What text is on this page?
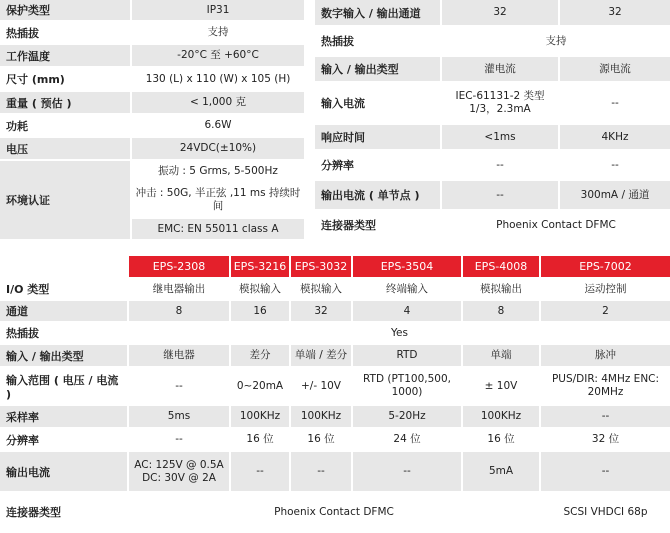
保护类型	IP31
热插拔	支持
工作温度	-20°C 至 +60°C
尺寸 (mm)	130 (L) x 110 (W) x 105 (H)
重量 ( 预估 )	< 1,000 克
功耗	6.6W
电压	24VDC(±10%)
环境认证	振动 : 5 Grms, 5-500Hz
	冲击 : 50G, 半正弦 ,11 ms 持续时间
	EMC: EN 55011 class A
数字输入 / 输出通道	32	32
热插拔	支持	
输入 / 输出类型	灌电流	源电流
输入电流	IEC-61131-2 类型 1/3，2.3mA	--
响应时间	<1ms	4KHz
分辨率	--	--
输出电流 ( 单节点 )	--	300mA / 通道
连接器类型	Phoenix Contact DFMC	
	EPS-2308	EPS-3216	EPS-3032	EPS-3504	EPS-4008	EPS-7002
I/O 类型	继电器输出	模拟输入	模拟输入	终端输入	模拟输出	运动控制
通道	8	16	32	4	8	2
热插拔	Yes					
输入 / 输出类型	继电器	差分	单端 / 差分	RTD	单端	脉冲
输入范围 ( 电压 / 电流 )	--	0~20mA	+/- 10V	RTD (PT100,500, 1000)	± 10V	PUS/DIR: 4MHz ENC: 20MHz
采样率	5ms	100KHz	100KHz	5-20Hz	100KHz	--
分辨率	--	16 位	16 位	24 位	16 位	32 位
输出电流	AC: 125V @ 0.5A DC: 30V @ 2A	--	--	--	5mA	--
连接器类型	Phoenix Contact DFMC					SCSI VHDCI 68p
